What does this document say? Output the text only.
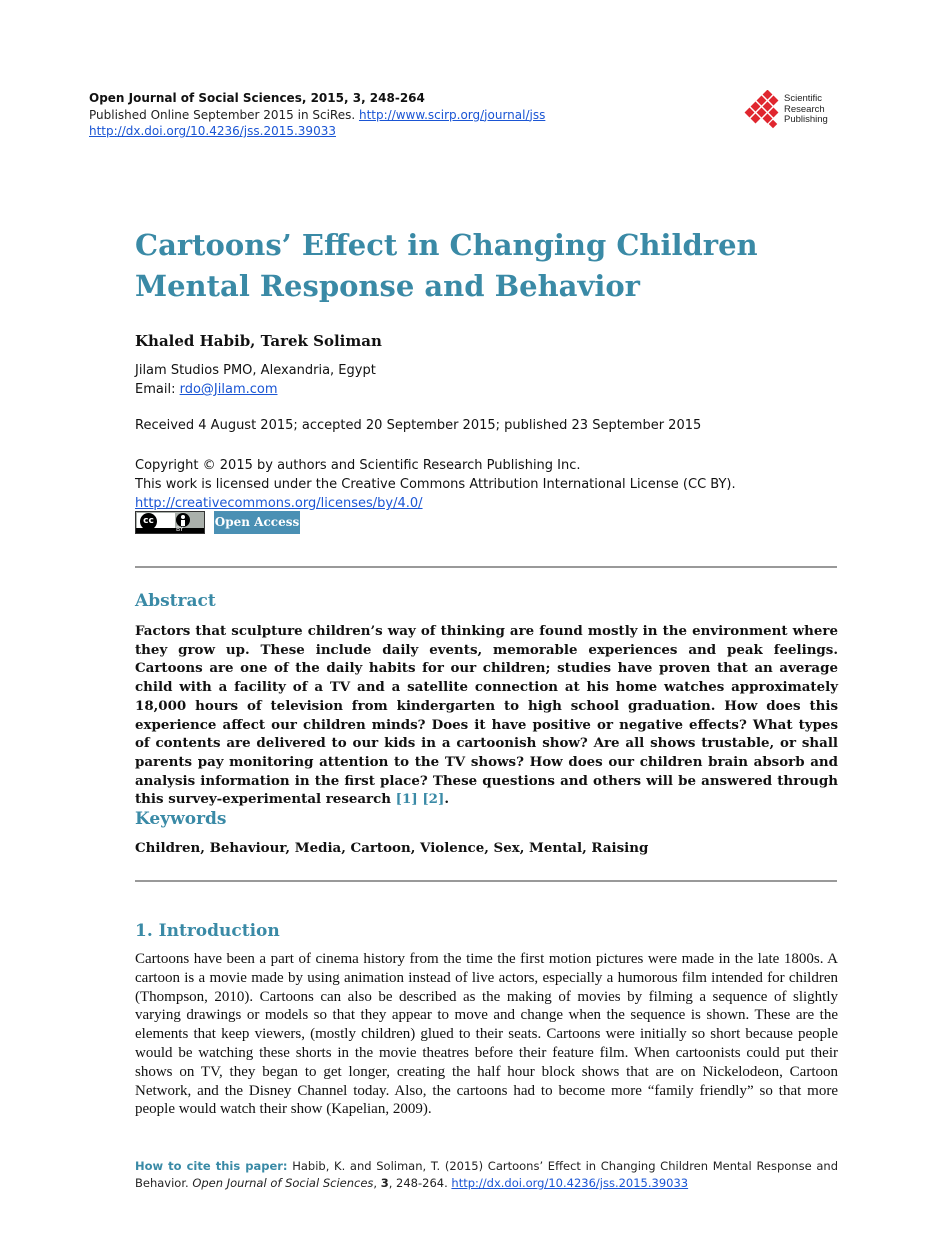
Open Journal of Social Sciences, 2015, 3, 248-264
Published Online September 2015 in SciRes. http://www.scirp.org/journal/jss
http://dx.doi.org/10.4236/jss.2015.39033
Scientific
Research
Publishing
Cartoons’ Effect in Changing Children
Mental Response and Behavior
Khaled Habib, Tarek Soliman
Jilam Studios PMO, Alexandria, Egypt
Email: rdo@Jilam.com
Received 4 August 2015; accepted 20 September 2015; published 23 September 2015
Copyright © 2015 by authors and Scientific Research Publishing Inc.
This work is licensed under the Creative Commons Attribution International License (CC BY).
http://creativecommons.org/licenses/by/4.0/
cc
BY
Open Access
Abstract

Factors that sculpture children’s way of thinking are found mostly in the environment where they grow up. These include daily events, memorable experiences and peak feelings. Cartoons are one of the daily habits for our children; studies have proven that an average child with a facility of a TV and a satellite connection at his home watches approximately 18,000 hours of television from kindergarten to high school graduation. How does this experience affect our children minds? Does it have positive or negative effects? What types of contents are delivered to our kids in a cartoonish show? Are all shows trustable, or shall parents pay monitoring attention to the TV shows? How does our children brain absorb and analysis information in the first place? These questions and others will be answered through this survey-experimental research [1] [2].

Keywords
Children, Behaviour, Media, Cartoon, Violence, Sex, Mental, Raising
1. Introduction

Cartoons have been a part of cinema history from the time the first motion pictures were made in the late 1800s. A cartoon is a movie made by using animation instead of live actors, especially a humorous film intended for children (Thompson, 2010). Cartoons can also be described as the making of movies by filming a sequence of slightly varying drawings or models so that they appear to move and change when the sequence is shown. These are the elements that keep viewers, (mostly children) glued to their seats. Cartoons were initially so short because people would be watching these shorts in the movie theatres before their feature film. When cartoonists could put their shows on TV, they began to get longer, creating the half hour block shows that are on Nickelodeon, Cartoon Network, and the Disney Channel today. Also, the cartoons had to become more “family friendly” so that more people would watch their show (Kapelian, 2009).

How to cite this paper: Habib, K. and Soliman, T. (2015) Cartoons’ Effect in Changing Children Mental Response and Behavior. Open Journal of Social Sciences, 3, 248-264. http://dx.doi.org/10.4236/jss.2015.39033
